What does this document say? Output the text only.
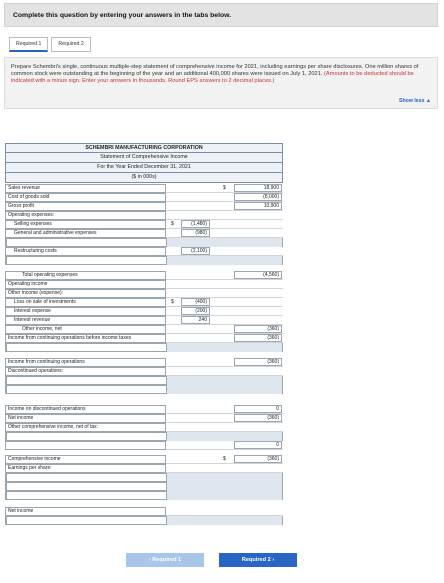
Complete this question by entering your answers in the tabs below.
Required 1	Required 2
Prepare Schembri's single, continuous multiple-step statement of comprehensive income for 2021, including earnings per share disclosures. One million shares of common stock were outstanding at the beginning of the year and an additional 400,000 shares were issued on July 1, 2021. (Amounts to be deducted should be indicated with a minus sign. Enter your answers in thousands. Round EPS answers to 2 decimal places.)
Show less ▲
SCHEMBRI MANUFACTURING CORPORATION
Statement of Comprehensive Income
For the Year Ended December 31, 2021
($ in 000s)
Sales revenue	$	18,900
Cost of goods sold	(8,000)
Gross profit	10,900
Operating expenses:
Selling expenses	$	(1,480)
General and administrative expenses	(980)
Restructuring costs	(2,100)
Total operating expenses	(4,560)
Operating income
Other income (expense):
Loss on sale of investments	$	(400)
Interest expense	(200)
Interest revenue	240
Other income, net	(360)
Income from continuing operations before income taxes	(360)
Income from continuing operations	(360)
Discontinued operations:
Income on discontinued operations	0
Net income	(360)
Other comprehensive income, net of tax:
0
Comprehensive income	$	(360)
Earnings per share:
Net income
‹ Required 1	Required 2 ›
